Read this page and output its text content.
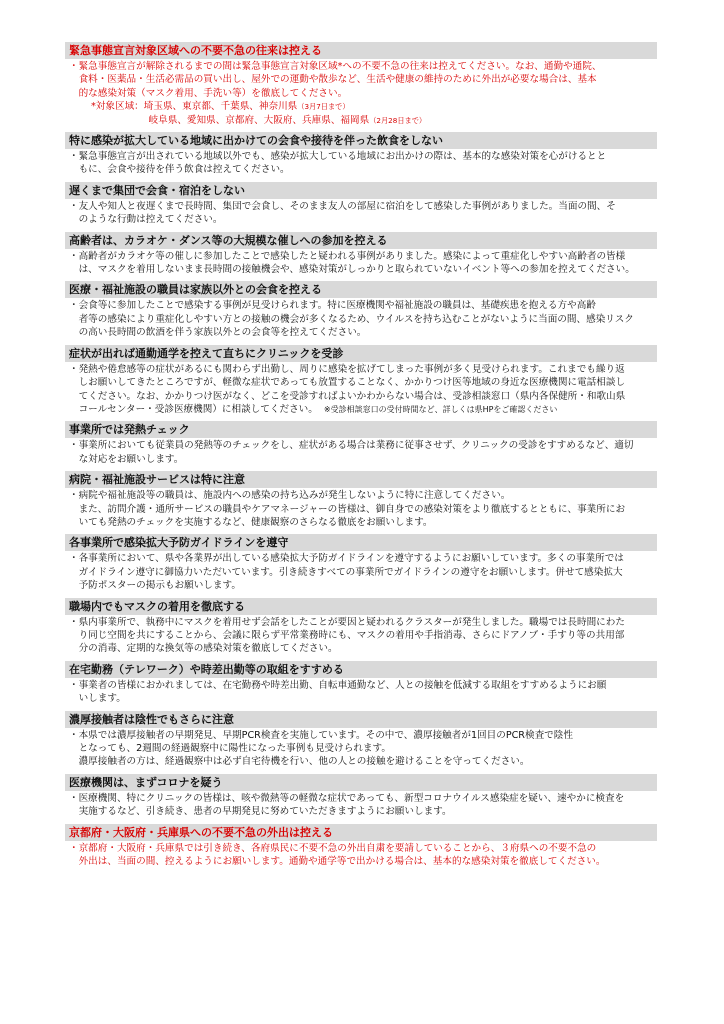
緊急事態宣言対象区域への不要不急の往来は控える
・緊急事態宣言が解除されるまでの間は緊急事態宣言対象区域*への不要不急の往来は控えてください。なお、通勤や通院、
　食料・医薬品・生活必需品の買い出し、屋外での運動や散歩など、生活や健康の維持のために外出が必要な場合は、基本
　的な感染対策（マスク着用、手洗い等）を徹底してください。
*対象区域：埼玉県、東京都、千葉県、神奈川県（3月7日まで）
　　　　　　岐阜県、愛知県、京都府、大阪府、兵庫県、福岡県（2月28日まで）
特に感染が拡大している地域に出かけての会食や接待を伴った飲食をしない
・緊急事態宣言が出されている地域以外でも、感染が拡大している地域にお出かけの際は、基本的な感染対策を心がけるとと
　もに、会食や接待を伴う飲食は控えてください。
遅くまで集団で会食・宿泊をしない
・友人や知人と夜遅くまで長時間、集団で会食し、そのまま友人の部屋に宿泊をして感染した事例がありました。当面の間、そ
　のような行動は控えてください。
高齢者は、カラオケ・ダンス等の大規模な催しへの参加を控える
・高齢者がカラオケ等の催しに参加したことで感染したと疑われる事例がありました。感染によって重症化しやすい高齢者の皆様
　は、マスクを着用しないまま長時間の接触機会や、感染対策がしっかりと取られていないイベント等への参加を控えてください。
医療・福祉施設の職員は家族以外との会食を控える
・会食等に参加したことで感染する事例が見受けられます。特に医療機関や福祉施設の職員は、基礎疾患を抱える方や高齢
　者等の感染により重症化しやすい方との接触の機会が多くなるため、ウイルスを持ち込むことがないように当面の間、感染リスク
　の高い長時間の飲酒を伴う家族以外との会食等を控えてください。
症状が出れば通勤通学を控えて直ちにクリニックを受診
・発熱や倦怠感等の症状があるにも関わらず出勤し、周りに感染を拡げてしまった事例が多く見受けられます。これまでも繰り返
　しお願いしてきたところですが、軽微な症状であっても放置することなく、かかりつけ医等地域の身近な医療機関に電話相談し
　てください。なお、かかりつけ医がなく、どこを受診すればよいかわからない場合は、受診相談窓口（県内各保健所・和歌山県
　コールセンター・受診医療機関）に相談してください。 ※受診相談窓口の受付時間など、詳しくは県HPをご確認ください
事業所では発熱チェック
・事業所においても従業員の発熱等のチェックをし、症状がある場合は業務に従事させず、クリニックの受診をすすめるなど、適切
　な対応をお願いします。
病院・福祉施設サービスは特に注意
・病院や福祉施設等の職員は、施設内への感染の持ち込みが発生しないように特に注意してください。
　また、訪問介護・通所サービスの職員やケアマネージャーの皆様は、御自身での感染対策をより徹底するとともに、事業所にお
　いても発熱のチェックを実施するなど、健康観察のさらなる徹底をお願いします。
各事業所で感染拡大予防ガイドラインを遵守
・各事業所において、県や各業界が出している感染拡大予防ガイドラインを遵守するようにお願いしています。多くの事業所では
　ガイドライン遵守に御協力いただいています。引き続きすべての事業所でガイドラインの遵守をお願いします。併せて感染拡大
　予防ポスターの掲示もお願いします。
職場内でもマスクの着用を徹底する
・県内事業所で、執務中にマスクを着用せず会話をしたことが要因と疑われるクラスターが発生しました。職場では長時間にわた
　り同じ空間を共にすることから、会議に限らず平常業務時にも、マスクの着用や手指消毒、さらにドアノブ・手すり等の共用部
　分の消毒、定期的な換気等の感染対策を徹底してください。
在宅勤務（テレワーク）や時差出勤等の取組をすすめる
・事業者の皆様におかれましては、在宅勤務や時差出勤、自転車通勤など、人との接触を低減する取組をすすめるようにお願
　いします。
濃厚接触者は陰性でもさらに注意
・本県では濃厚接触者の早期発見、早期PCR検査を実施しています。その中で、濃厚接触者が1回目のPCR検査で陰性
　となっても、2週間の経過観察中に陽性になった事例も見受けられます。
　濃厚接触者の方は、経過観察中は必ず自宅待機を行い、他の人との接触を避けることを守ってください。
医療機関は、まずコロナを疑う
・医療機関、特にクリニックの皆様は、咳や微熱等の軽微な症状であっても、新型コロナウイルス感染症を疑い、速やかに検査を
　実施するなど、引き続き、患者の早期発見に努めていただきますようにお願いします。
京都府・大阪府・兵庫県への不要不急の外出は控える
・京都府・大阪府・兵庫県では引き続き、各府県民に不要不急の外出自粛を要請していることから、３府県への不要不急の
　外出は、当面の間、控えるようにお願いします。通勤や通学等で出かける場合は、基本的な感染対策を徹底してください。
